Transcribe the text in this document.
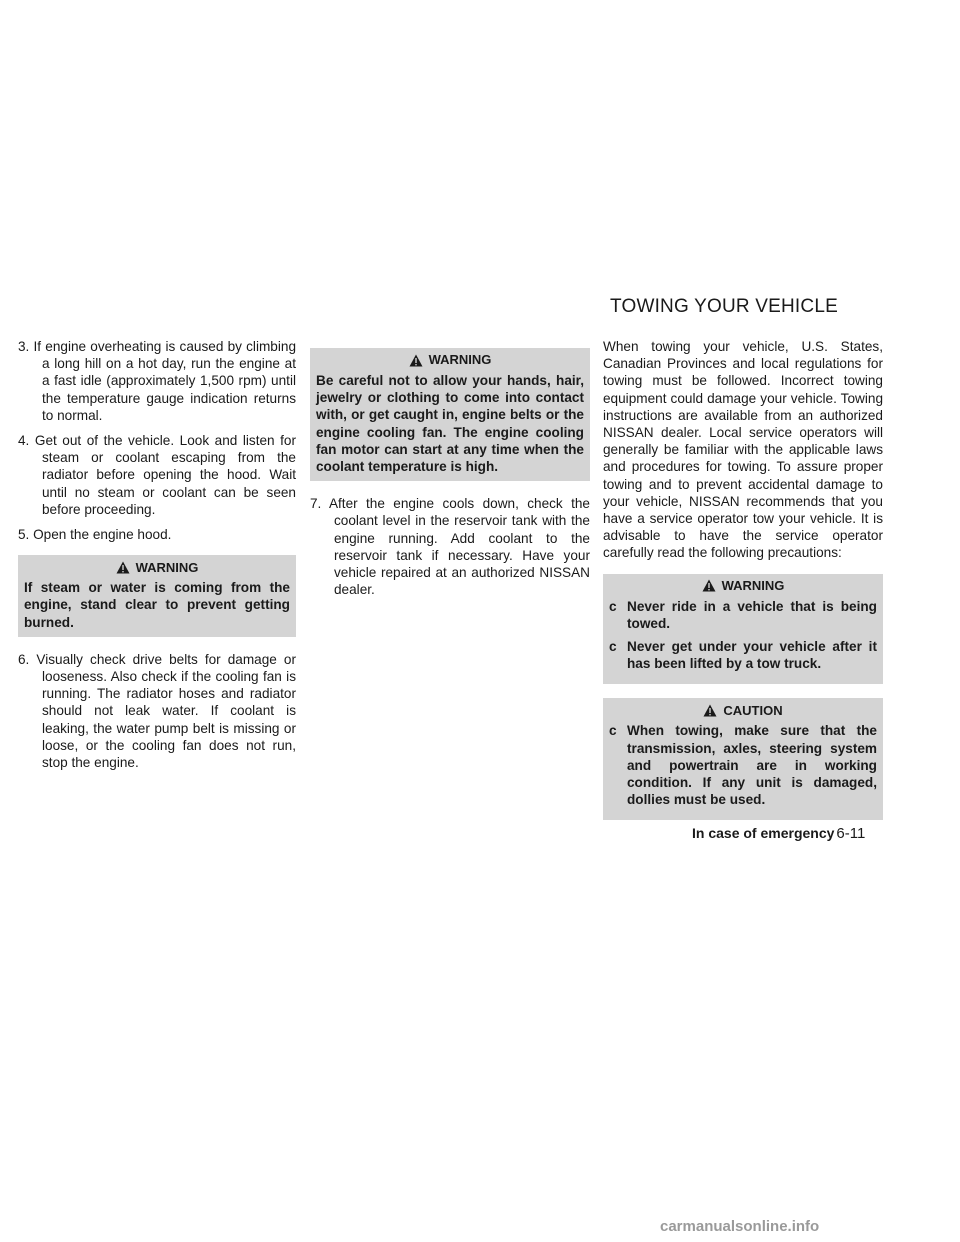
TOWING YOUR VEHICLE

3. If engine overheating is caused by climbing a long hill on a hot day, run the engine at a fast idle (approximately 1,500 rpm) until the temperature gauge indication returns to normal.

4. Get out of the vehicle. Look and listen for steam or coolant escaping from the radiator before opening the hood. Wait until no steam or coolant can be seen before proceeding.

5. Open the engine hood.

WARNING
If steam or water is coming from the engine, stand clear to prevent getting burned.

6. Visually check drive belts for damage or looseness. Also check if the cooling fan is running. The radiator hoses and radiator should not leak water. If coolant is leaking, the water pump belt is missing or loose, or the cooling fan does not run, stop the engine.

WARNING
Be careful not to allow your hands, hair, jewelry or clothing to come into contact with, or get caught in, engine belts or the engine cooling fan. The engine cooling fan motor can start at any time when the coolant temperature is high.

7. After the engine cools down, check the coolant level in the reservoir tank with the engine running. Add coolant to the reservoir tank if necessary. Have your vehicle repaired at an authorized NISSAN dealer.

When towing your vehicle, U.S. States, Canadian Provinces and local regulations for towing must be followed. Incorrect towing equipment could damage your vehicle. Towing instructions are available from an authorized NISSAN dealer. Local service operators will generally be familiar with the applicable laws and procedures for towing. To assure proper towing and to prevent accidental damage to your vehicle, NISSAN recommends that you have a service operator tow your vehicle. It is advisable to have the service operator carefully read the following precautions:

WARNING
c Never ride in a vehicle that is being towed.
c Never get under your vehicle after it has been lifted by a tow truck.
CAUTION
c When towing, make sure that the transmission, axles, steering system and powertrain are in working condition. If any unit is damaged, dollies must be used.
In case of emergency 6-11
carmanualsonline.info
